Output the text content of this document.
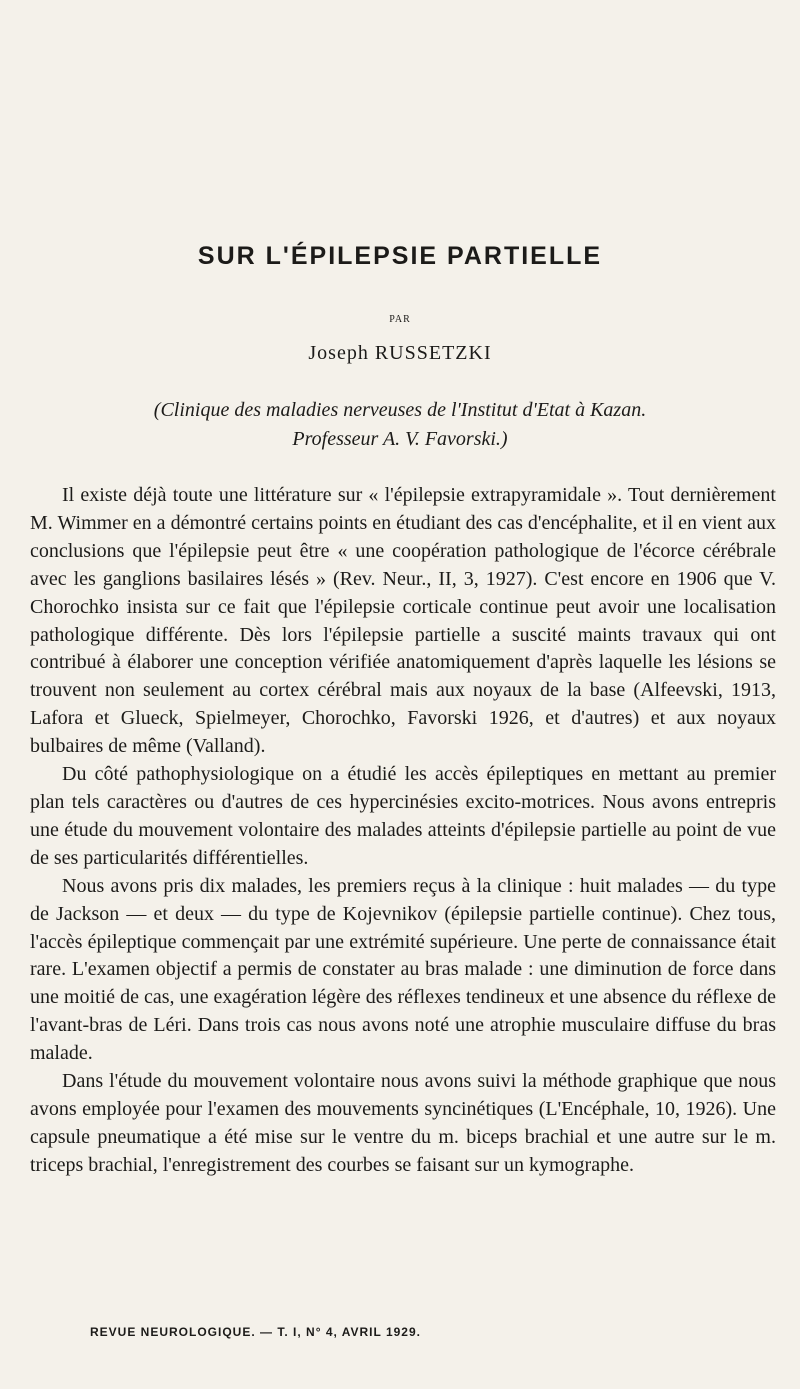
SUR L'ÉPILEPSIE PARTIELLE
PAR
Joseph RUSSETZKI
(Clinique des maladies nerveuses de l'Institut d'Etat à Kazan.
Professeur A. V. Favorski.)

Il existe déjà toute une littérature sur « l'épilepsie extrapyramidale ». Tout dernièrement M. Wimmer en a démontré certains points en étudiant des cas d'encéphalite, et il en vient aux conclusions que l'épilepsie peut être « une coopération pathologique de l'écorce cérébrale avec les ganglions basilaires lésés » (Rev. Neur., II, 3, 1927). C'est encore en 1906 que V. Chorochko insista sur ce fait que l'épilepsie corticale continue peut avoir une localisation pathologique différente. Dès lors l'épilepsie partielle a suscité maints travaux qui ont contribué à élaborer une conception vérifiée anatomiquement d'après laquelle les lésions se trouvent non seulement au cortex cérébral mais aux noyaux de la base (Alfeevski, 1913, Lafora et Glueck, Spielmeyer, Chorochko, Favorski 1926, et d'autres) et aux noyaux bulbaires de même (Valland).

Du côté pathophysiologique on a étudié les accès épileptiques en mettant au premier plan tels caractères ou d'autres de ces hypercinésies excito-motrices. Nous avons entrepris une étude du mouvement volontaire des malades atteints d'épilepsie partielle au point de vue de ses particularités différentielles.

Nous avons pris dix malades, les premiers reçus à la clinique : huit malades — du type de Jackson — et deux — du type de Kojevnikov (épilepsie partielle continue). Chez tous, l'accès épileptique commençait par une extrémité supérieure. Une perte de connaissance était rare. L'examen objectif a permis de constater au bras malade : une diminution de force dans une moitié de cas, une exagération légère des réflexes tendineux et une absence du réflexe de l'avant-bras de Léri. Dans trois cas nous avons noté une atrophie musculaire diffuse du bras malade.

Dans l'étude du mouvement volontaire nous avons suivi la méthode graphique que nous avons employée pour l'examen des mouvements syncinétiques (L'Encéphale, 10, 1926). Une capsule pneumatique a été mise sur le ventre du m. biceps brachial et une autre sur le m. triceps brachial, l'enregistrement des courbes se faisant sur un kymographe.

REVUE NEUROLOGIQUE. — T. I, N° 4, AVRIL 1929.
